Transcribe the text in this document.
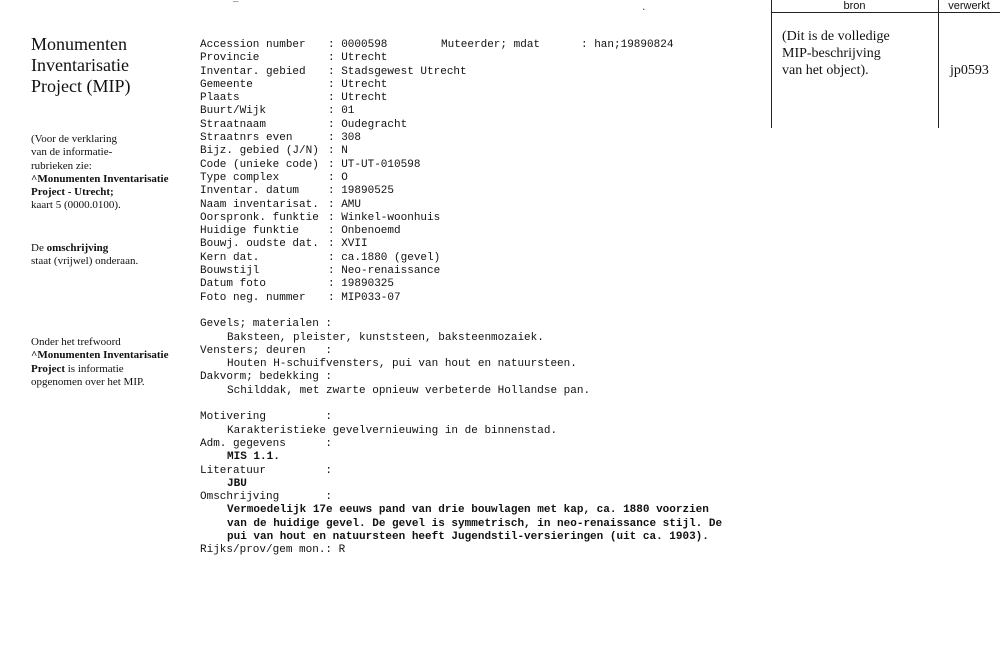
.	bron	verwerkt
(Dit is de volledige
MIP-beschrijving
van het object).	jp0593
Monumenten
Inventarisatie
Project (MIP)
(Voor de verklaring
van de informatie-
rubrieken zie:
^Monumenten Inventarisatie
Project - Utrecht;
kaart 5 (0000.0100).
De omschrijving
staat (vrijwel) onderaan.
Onder het trefwoord
^Monumenten Inventarisatie
Project is informatie
opgenomen over het MIP.
Accession number	: 0000598	Muteerder; mdat	: han;19890824
Provincie	: Utrecht
Inventar. gebied	: Stadsgewest Utrecht
Gemeente	: Utrecht
Plaats	: Utrecht
Buurt/Wijk	: 01
Straatnaam	: Oudegracht
Straatnrs even	: 308
Bijz. gebied (J/N) : N
Code (unieke code) : UT-UT-010598
Type complex	: O
Inventar. datum	: 19890525
Naam inventarisat. : AMU
Oorspronk. funktie : Winkel-woonhuis
Huidige funktie	: Onbenoemd
Bouwj. oudste dat. : XVII
Kern dat.	: ca.1880 (gevel)
Bouwstijl	: Neo-renaissance
Datum foto	: 19890325
Foto neg. nummer	: MIP033-07
Gevels; materialen :
Baksteen, pleister, kunststeen, baksteenmozaiek.
Vensters; deuren   :
Houten H-schuifvensters, pui van hout en natuursteen.
Dakvorm; bedekking :
Schilddak, met zwarte opnieuw verbeterde Hollandse pan.
Motivering         :
Karakteristieke gevelvernieuwing in de binnenstad.
Adm. gegevens      :
MIS 1.1.
Literatuur         :
JBU
Omschrijving       :
Vermoedelijk 17e eeuws pand van drie bouwlagen met kap, ca. 1880 voorzien
van de huidige gevel. De gevel is symmetrisch, in neo-renaissance stijl. De
pui van hout en natuursteen heeft Jugendstil-versieringen (uit ca. 1903).
Rijks/prov/gem mon.: R
